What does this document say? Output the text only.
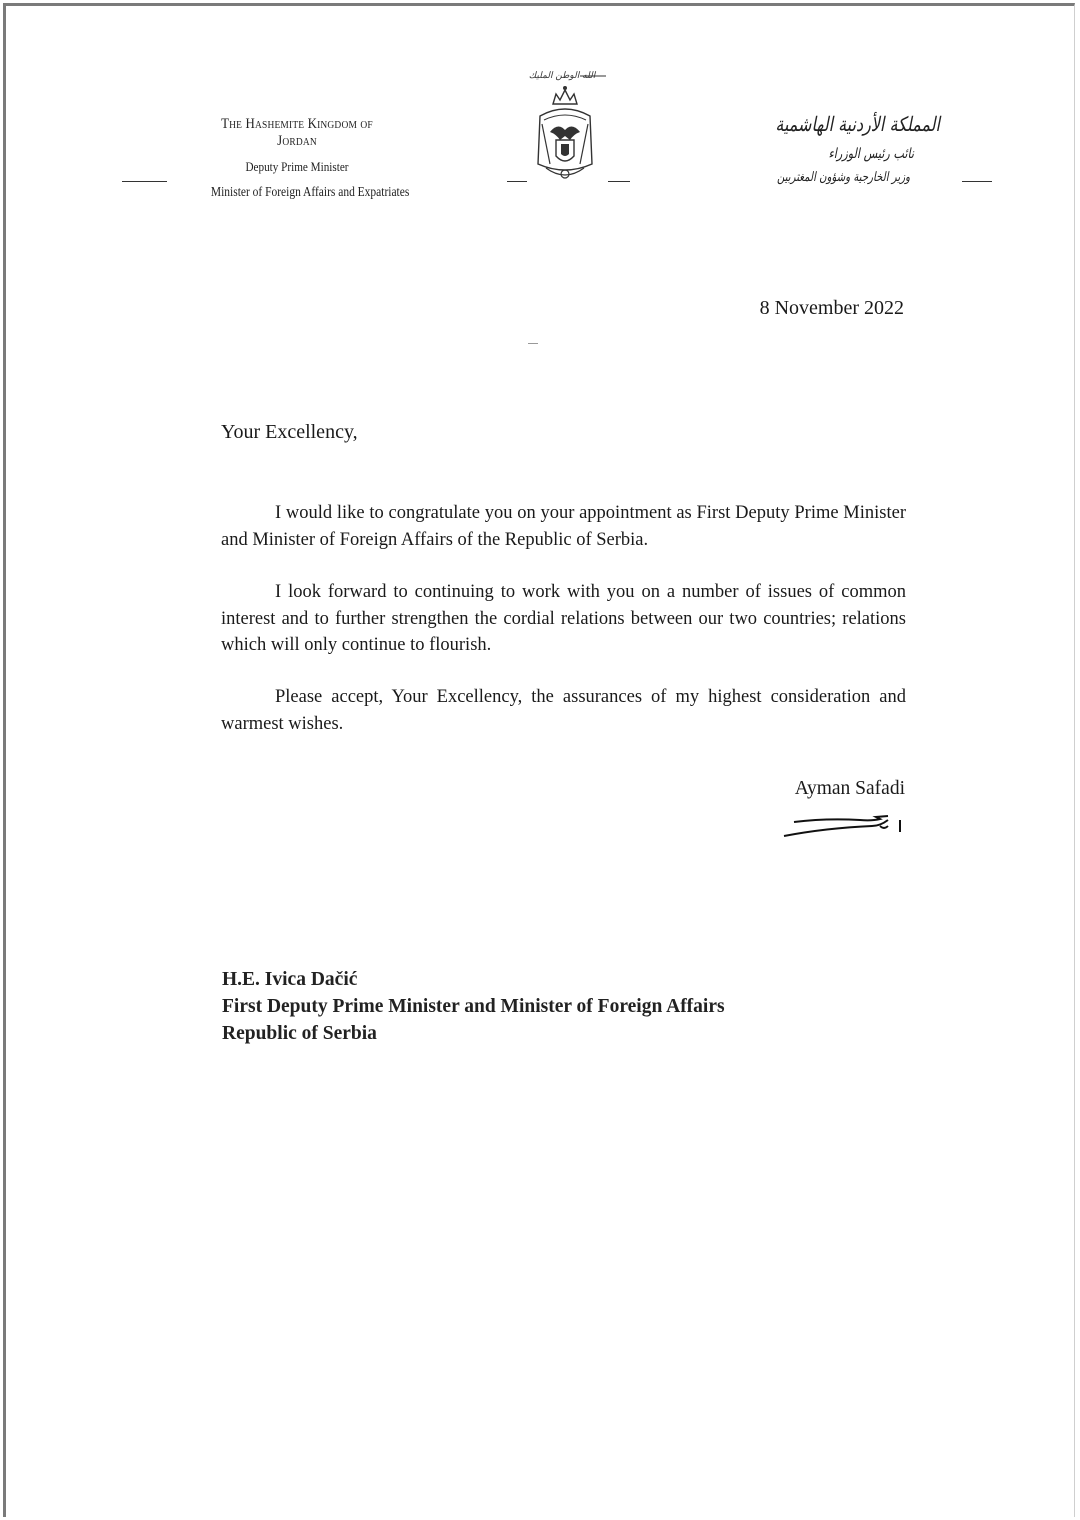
The Hashemite Kingdom of Jordan
Deputy Prime Minister
Minister of Foreign Affairs and Expatriates
الله الوطن المليك
المملكة الأردنية الهاشمية
نائب رئيس الوزراء
وزير الخارجية وشؤون المغتربين
8 November 2022
Your Excellency,
I would like to congratulate you on your appointment as First Deputy Prime Minister and Minister of Foreign Affairs of the Republic of Serbia.
I look forward to continuing to work with you on a number of issues of common interest and to further strengthen the cordial relations between our two countries; relations which will only continue to flourish.
Please accept, Your Excellency, the assurances of my highest consideration and warmest wishes.
Ayman Safadi
H.E. Ivica Dačić
First Deputy Prime Minister and Minister of Foreign Affairs
Republic of Serbia
